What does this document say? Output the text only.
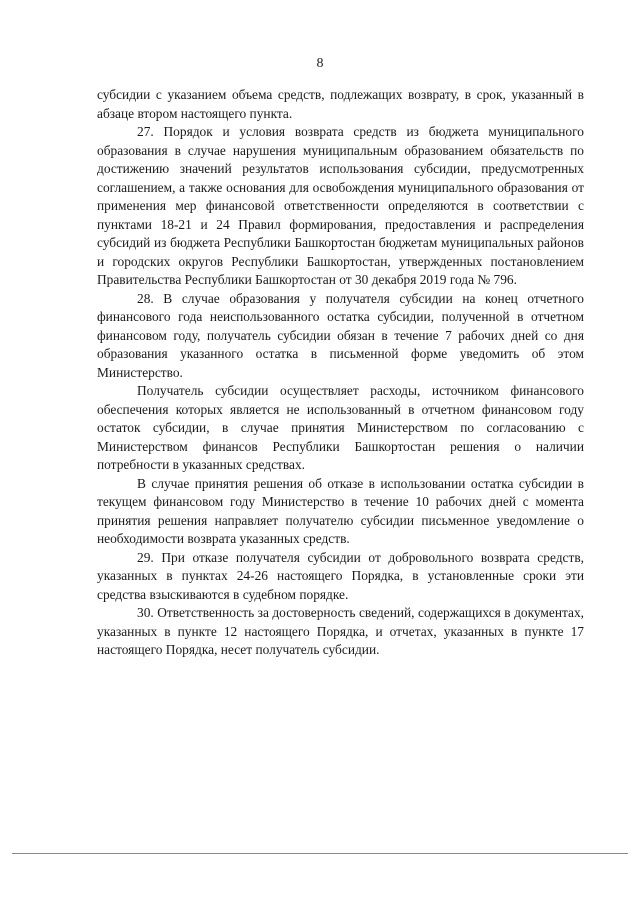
8

субсидии с указанием объема средств, подлежащих возврату, в срок, указанный в абзаце втором настоящего пункта.

27. Порядок и условия возврата средств из бюджета муниципального образования в случае нарушения муниципальным образованием обязательств по достижению значений результатов использования субсидии, предусмотренных соглашением, а также основания для освобождения муниципального образования от применения мер финансовой ответственности определяются в соответствии с пунктами 18-21 и 24 Правил формирования, предоставления и распределения субсидий из бюджета Республики Башкортостан бюджетам муниципальных районов и городских округов Республики Башкортостан, утвержденных постановлением Правительства Республики Башкортостан от 30 декабря 2019 года № 796.

28. В случае образования у получателя субсидии на конец отчетного финансового года неиспользованного остатка субсидии, полученной в отчетном финансовом году, получатель субсидии обязан в течение 7 рабочих дней со дня образования указанного остатка в письменной форме уведомить об этом Министерство.

Получатель субсидии осуществляет расходы, источником финансового обеспечения которых является не использованный в отчетном финансовом году остаток субсидии, в случае принятия Министерством по согласованию с Министерством финансов Республики Башкортостан решения о наличии потребности в указанных средствах.

В случае принятия решения об отказе в использовании остатка субсидии в текущем финансовом году Министерство в течение 10 рабочих дней с момента принятия решения направляет получателю субсидии письменное уведомление о необходимости возврата указанных средств.

29. При отказе получателя субсидии от добровольного возврата средств, указанных в пунктах 24-26 настоящего Порядка, в установленные сроки эти средства взыскиваются в судебном порядке.

30. Ответственность за достоверность сведений, содержащихся в документах, указанных в пункте 12 настоящего Порядка, и отчетах, указанных в пункте 17 настоящего Порядка, несет получатель субсидии.
